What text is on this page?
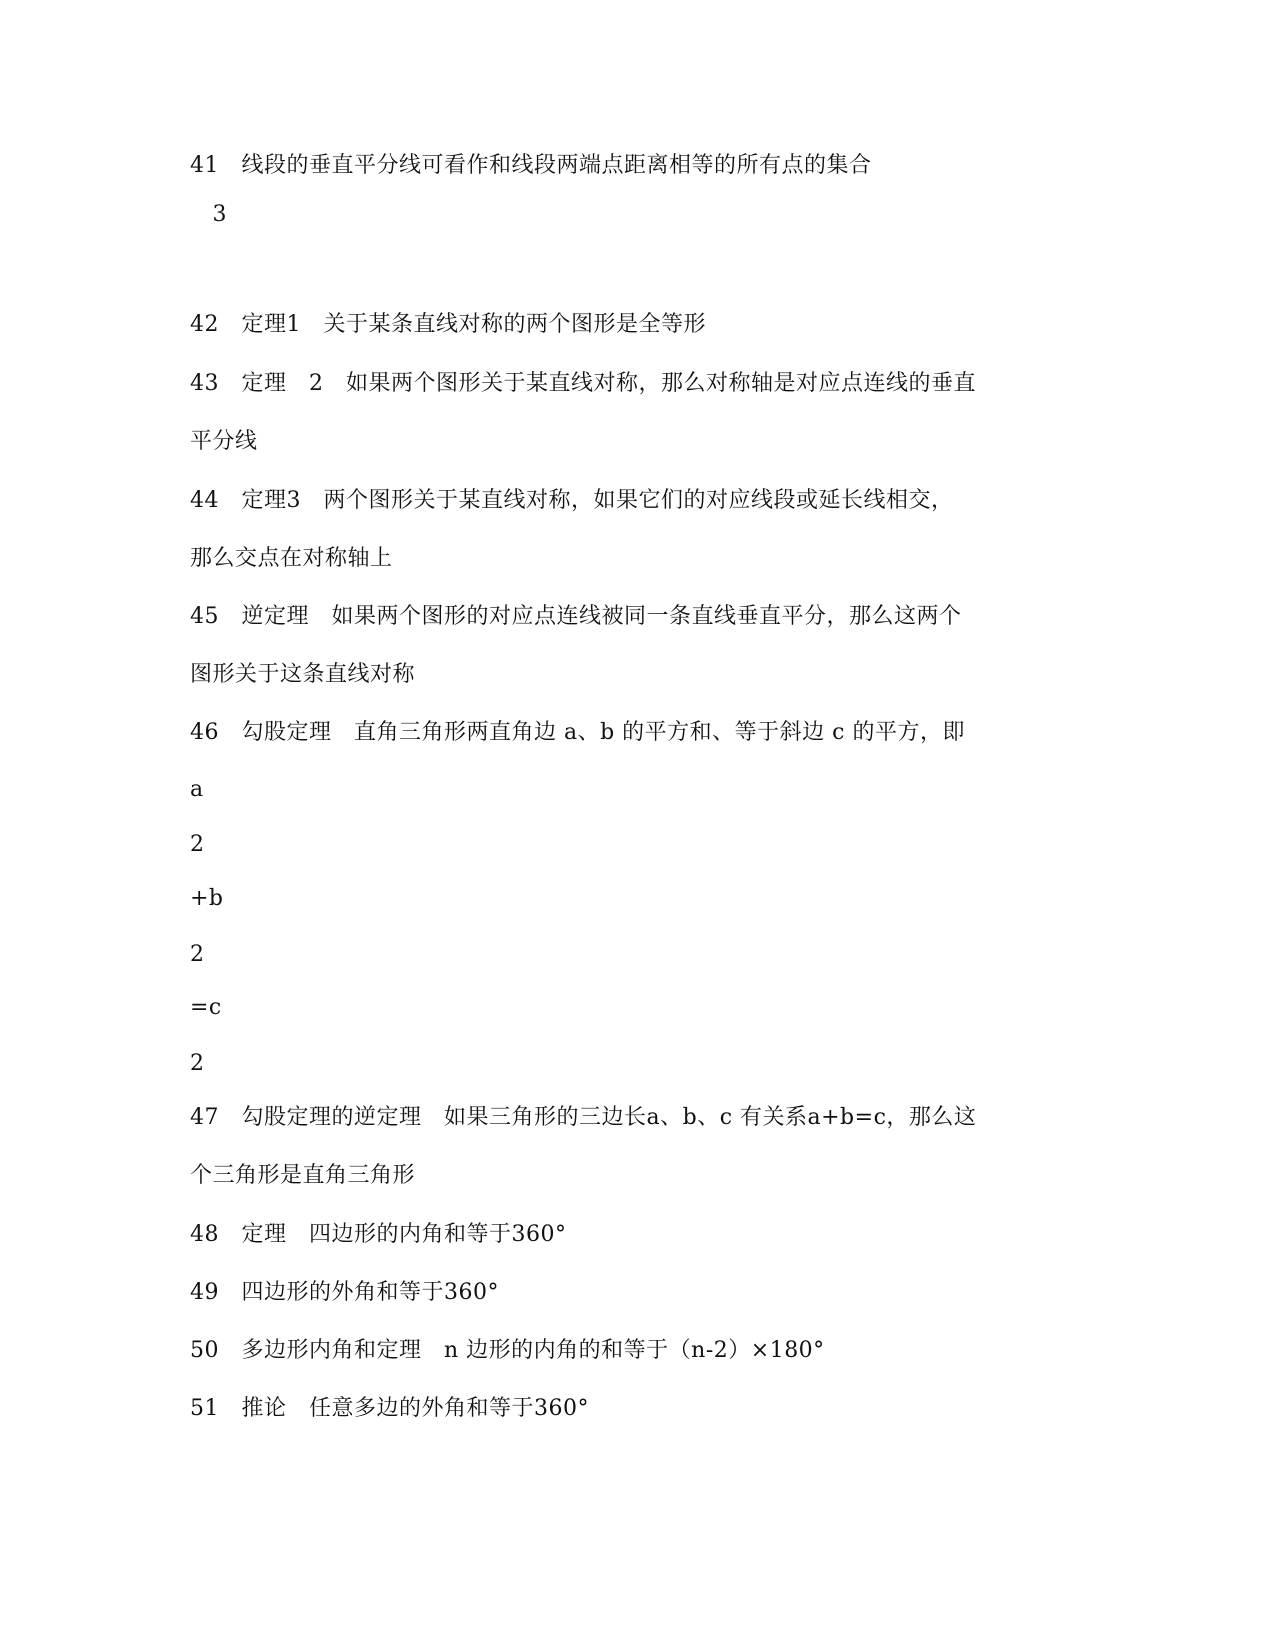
41　线段的垂直平分线可看作和线段两端点距离相等的所有点的集合
　3
42　定理1　关于某条直线对称的两个图形是全等形
43　定理　2　如果两个图形关于某直线对称，那么对称轴是对应点连线的垂直
平分线
44　定理3　两个图形关于某直线对称，如果它们的对应线段或延长线相交，
那么交点在对称轴上
45　逆定理　如果两个图形的对应点连线被同一条直线垂直平分，那么这两个
图形关于这条直线对称
46　勾股定理　直角三角形两直角边 a、b 的平方和、等于斜边 c 的平方，即
a
2
+b
2
=c
2
47　勾股定理的逆定理　如果三角形的三边长a、b、c 有关系a+b=c，那么这
个三角形是直角三角形
48　定理　四边形的内角和等于360°
49　四边形的外角和等于360°
50　多边形内角和定理　n 边形的内角的和等于（n-2）×180°
51　推论　任意多边的外角和等于360°
